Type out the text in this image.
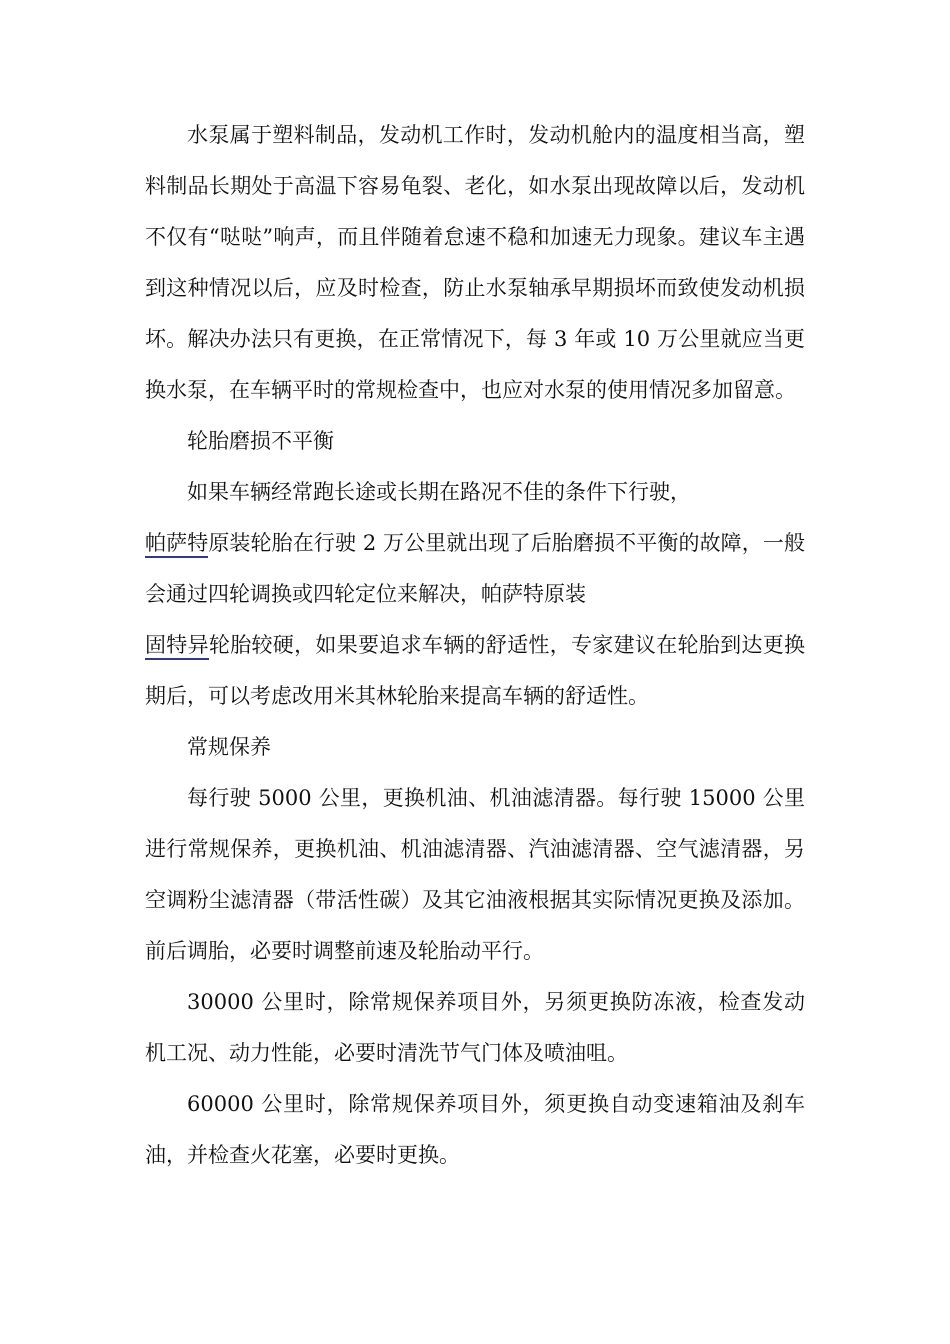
水泵属于塑料制品，发动机工作时，发动机舱内的温度相当高，塑料制品长期处于高温下容易龟裂、老化，如水泵出现故障以后，发动机不仅有“哒哒”响声，而且伴随着怠速不稳和加速无力现象。建议车主遇到这种情况以后，应及时检查，防止水泵轴承早期损坏而致使发动机损坏。解决办法只有更换，在正常情况下，每 3 年或 10 万公里就应当更换水泵，在车辆平时的常规检查中，也应对水泵的使用情况多加留意。

轮胎磨损不平衡

如果车辆经常跑长途或长期在路况不佳的条件下行驶，
帕萨特原装轮胎在行驶 2 万公里就出现了后胎磨损不平衡的故障，一般会通过四轮调换或四轮定位来解决，帕萨特原装
固特异轮胎较硬，如果要追求车辆的舒适性，专家建议在轮胎到达更换期后，可以考虑改用米其林轮胎来提高车辆的舒适性。

常规保养

每行驶 5000 公里，更换机油、机油滤清器。每行驶 15000 公里进行常规保养，更换机油、机油滤清器、汽油滤清器、空气滤清器，另空调粉尘滤清器（带活性碳）及其它油液根据其实际情况更换及添加。前后调胎，必要时调整前速及轮胎动平行。

30000 公里时，除常规保养项目外，另须更换防冻液，检查发动机工况、动力性能，必要时清洗节气门体及喷油咀。

60000 公里时，除常规保养项目外，须更换自动变速箱油及刹车油，并检查火花塞，必要时更换。
